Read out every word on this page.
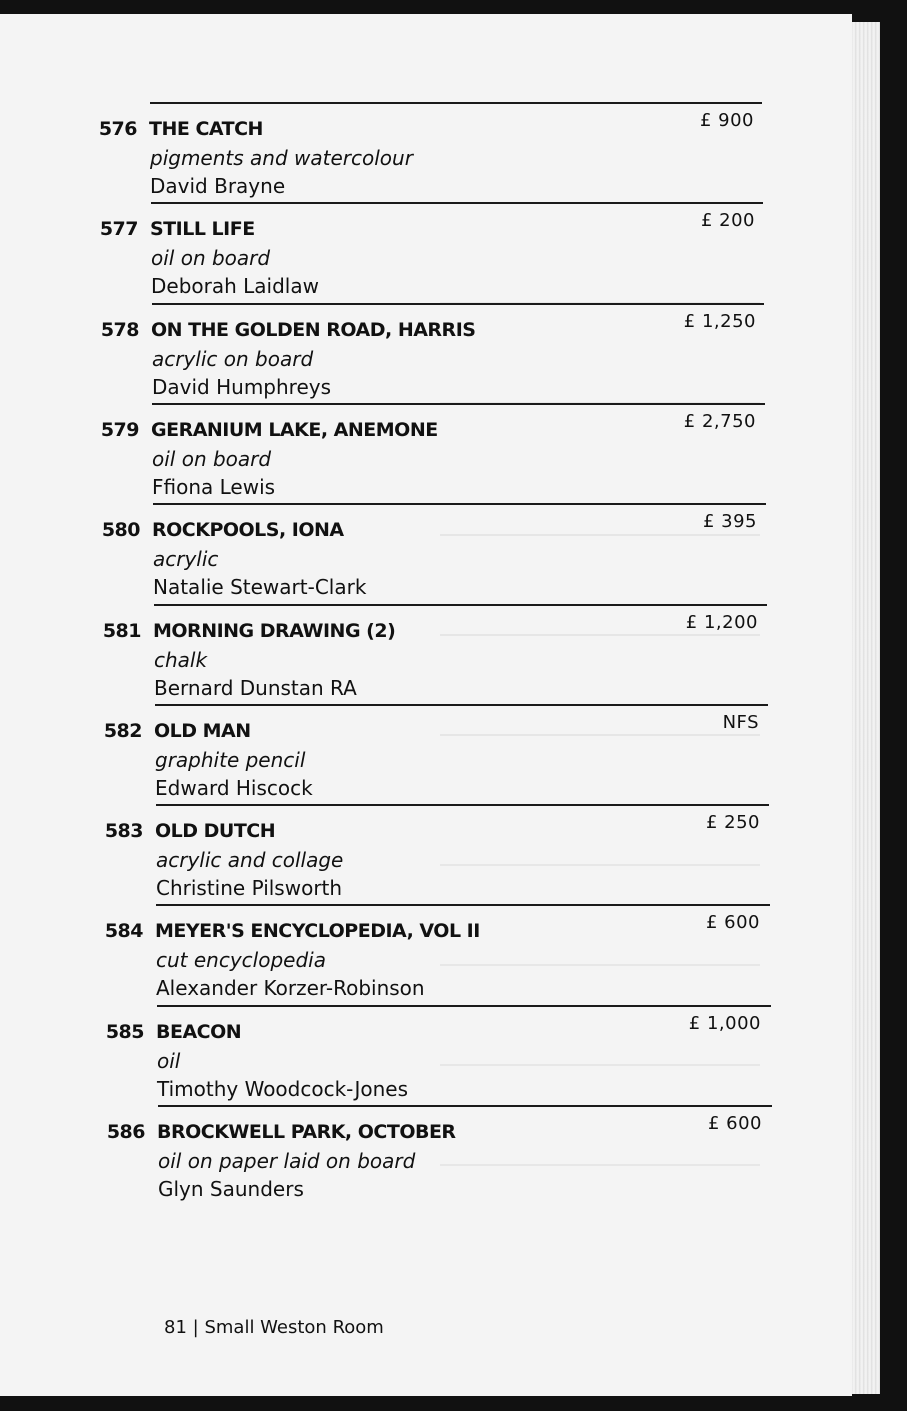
576 THE CATCH
pigments and watercolour
David Brayne
£ 900
577 STILL LIFE
oil on board
Deborah Laidlaw
£ 200
578 ON THE GOLDEN ROAD, HARRIS
acrylic on board
David Humphreys
£ 1,250
579 GERANIUM LAKE, ANEMONE
oil on board
Ffiona Lewis
£ 2,750
580 ROCKPOOLS, IONA
acrylic
Natalie Stewart-Clark
£ 395
581 MORNING DRAWING (2)
chalk
Bernard Dunstan RA
£ 1,200
582 OLD MAN
graphite pencil
Edward Hiscock
NFS
583 OLD DUTCH
acrylic and collage
Christine Pilsworth
£ 250
584 MEYER'S ENCYCLOPEDIA, VOL II
cut encyclopedia
Alexander Korzer-Robinson
£ 600
585 BEACON
oil
Timothy Woodcock-Jones
£ 1,000
586 BROCKWELL PARK, OCTOBER
oil on paper laid on board
Glyn Saunders
£ 600
81 | Small Weston Room
